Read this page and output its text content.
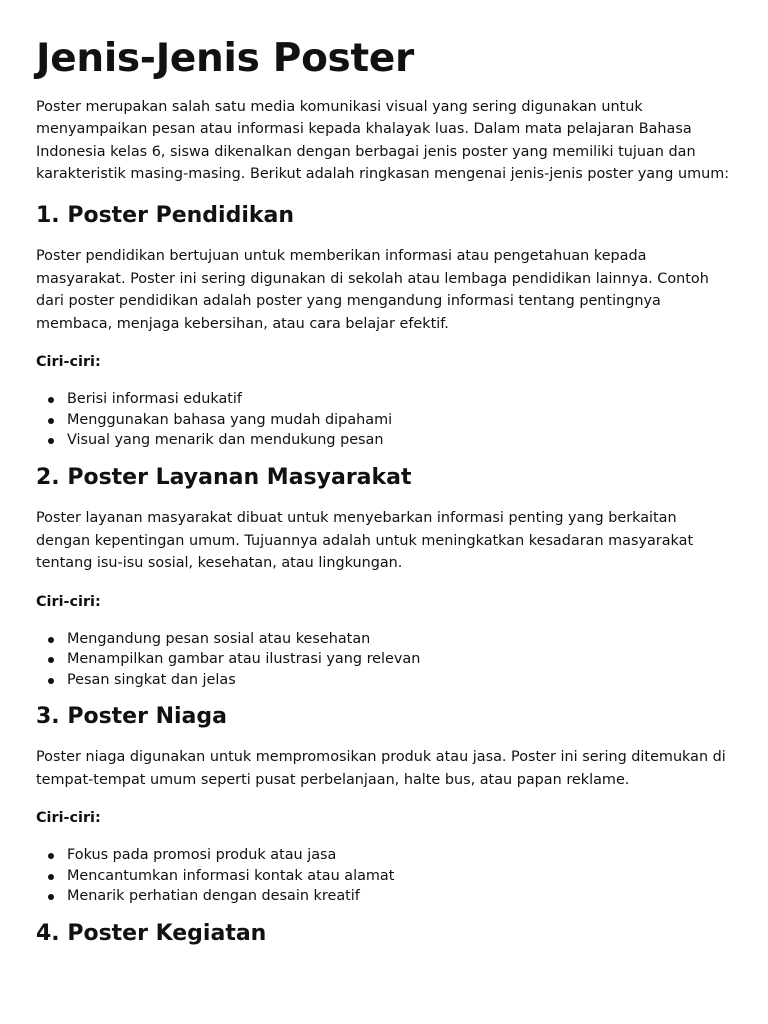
Jenis-Jenis Poster

Poster merupakan salah satu media komunikasi visual yang sering digunakan untuk menyampaikan pesan atau informasi kepada khalayak luas. Dalam mata pelajaran Bahasa Indonesia kelas 6, siswa dikenalkan dengan berbagai jenis poster yang memiliki tujuan dan karakteristik masing-masing. Berikut adalah ringkasan mengenai jenis-jenis poster yang umum:

1. Poster Pendidikan

Poster pendidikan bertujuan untuk memberikan informasi atau pengetahuan kepada masyarakat. Poster ini sering digunakan di sekolah atau lembaga pendidikan lainnya. Contoh dari poster pendidikan adalah poster yang mengandung informasi tentang pentingnya membaca, menjaga kebersihan, atau cara belajar efektif.

Ciri-ciri:
Berisi informasi edukatif
Menggunakan bahasa yang mudah dipahami
Visual yang menarik dan mendukung pesan
2. Poster Layanan Masyarakat

Poster layanan masyarakat dibuat untuk menyebarkan informasi penting yang berkaitan dengan kepentingan umum. Tujuannya adalah untuk meningkatkan kesadaran masyarakat tentang isu-isu sosial, kesehatan, atau lingkungan.

Ciri-ciri:
Mengandung pesan sosial atau kesehatan
Menampilkan gambar atau ilustrasi yang relevan
Pesan singkat dan jelas
3. Poster Niaga

Poster niaga digunakan untuk mempromosikan produk atau jasa. Poster ini sering ditemukan di tempat-tempat umum seperti pusat perbelanjaan, halte bus, atau papan reklame.

Ciri-ciri:
Fokus pada promosi produk atau jasa
Mencantumkan informasi kontak atau alamat
Menarik perhatian dengan desain kreatif
4. Poster Kegiatan
